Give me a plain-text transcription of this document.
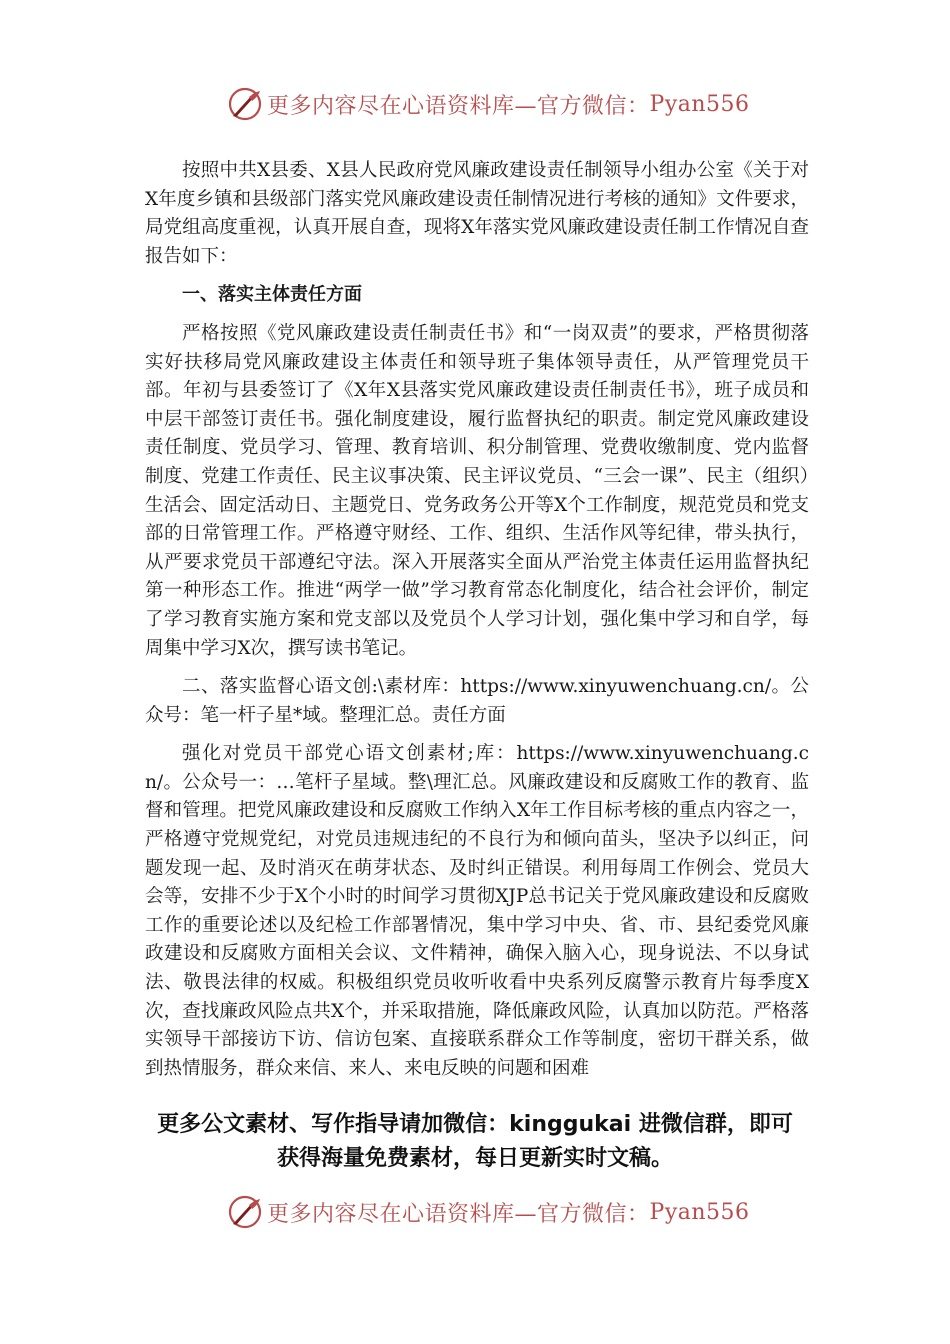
更多内容尽在心语资料库—官方微信： Pyan556

按照中共X县委、X县人民政府党风廉政建设责任制领导小组办公室《关于对X年度乡镇和县级部门落实党风廉政建设责任制情况进行考核的通知》文件要求，局党组高度重视，认真开展自查，现将X年落实党风廉政建设责任制工作情况自查报告如下：

一、落实主体责任方面

严格按照《党风廉政建设责任制责任书》和“一岗双责”的要求，严格贯彻落实好扶移局党风廉政建设主体责任和领导班子集体领导责任，从严管理党员干部。年初与县委签订了《X年X县落实党风廉政建设责任制责任书》，班子成员和中层干部签订责任书。强化制度建设，履行监督执纪的职责。制定党风廉政建设责任制度、党员学习、管理、教育培训、积分制管理、党费收缴制度、党内监督制度、党建工作责任、民主议事决策、民主评议党员、“三会一课”、民主（组织）生活会、固定活动日、主题党日、党务政务公开等X个工作制度，规范党员和党支部的日常管理工作。严格遵守财经、工作、组织、生活作风等纪律，带头执行，从严要求党员干部遵纪守法。深入开展落实全面从严治党主体责任运用监督执纪第一种形态工作。推进“两学一做”学习教育常态化制度化，结合社会评价，制定了学习教育实施方案和党支部以及党员个人学习计划，强化集中学习和自学，每周集中学习X次，撰写读书笔记。

二、落实监督心语文创:\素材库：https://www.xinyuwenchuang.cn/。公众号：笔一杆子星*域。整理汇总。责任方面

强化对党员干部党心语文创素材;库：https://www.xinyuwenchuang.cn/。公众号一：…笔杆子星域。整\理汇总。风廉政建设和反腐败工作的教育、监督和管理。把党风廉政建设和反腐败工作纳入X年工作目标考核的重点内容之一，严格遵守党规党纪，对党员违规违纪的不良行为和倾向苗头，坚决予以纠正，问题发现一起、及时消灭在萌芽状态、及时纠正错误。利用每周工作例会、党员大会等，安排不少于X个小时的时间学习贯彻XJP总书记关于党风廉政建设和反腐败工作的重要论述以及纪检工作部署情况，集中学习中央、省、市、县纪委党风廉政建设和反腐败方面相关会议、文件精神，确保入脑入心，现身说法、不以身试法、敬畏法律的权威。积极组织党员收听收看中央系列反腐警示教育片每季度X次，查找廉政风险点共X个，并采取措施，降低廉政风险，认真加以防范。严格落实领导干部接访下访、信访包案、直接联系群众工作等制度，密切干群关系，做到热情服务，群众来信、来人、来电反映的问题和困难

更多公文素材、写作指导请加微信：kinggukai 进微信群，即可
获得海量免费素材，每日更新实时文稿。
更多内容尽在心语资料库—官方微信： Pyan556
